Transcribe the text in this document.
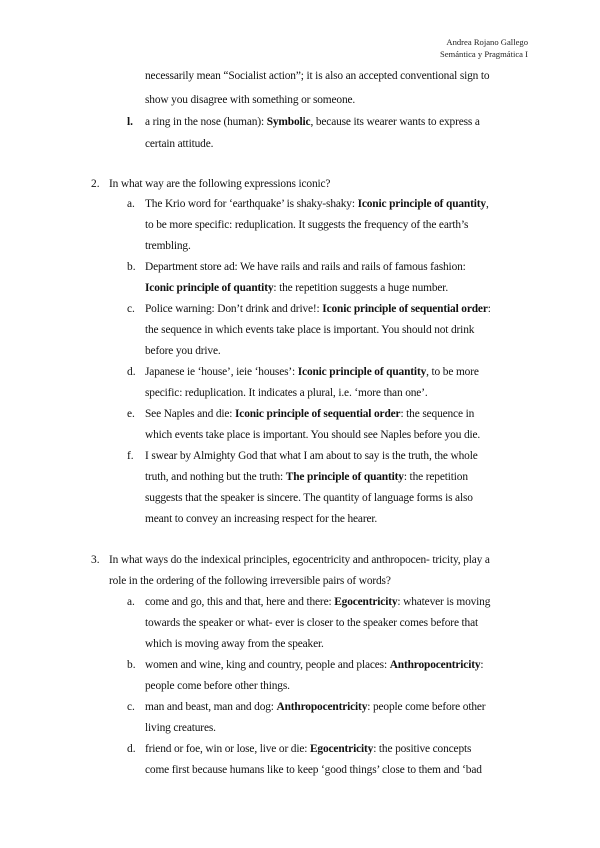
Andrea Rojano Gallego
Semántica y Pragmática I
necessarily mean “Socialist action”; it is also an accepted conventional sign to
show you disagree with something or someone.
l. a ring in the nose (human): Symbolic, because its wearer wants to express a
certain attitude.
2. In what way are the following expressions iconic?
a. The Krio word for ‘earthquake’ is shaky-shaky: Iconic principle of quantity,
to be more specific: reduplication. It suggests the frequency of the earth’s
trembling.
b. Department store ad: We have rails and rails and rails of famous fashion:
Iconic principle of quantity: the repetition suggests a huge number.
c. Police warning: Don’t drink and drive!: Iconic principle of sequential order:
the sequence in which events take place is important. You should not drink
before you drive.
d. Japanese ie ‘house’, ieie ‘houses’: Iconic principle of quantity, to be more
specific: reduplication. It indicates a plural, i.e. ‘more than one’.
e. See Naples and die: Iconic principle of sequential order: the sequence in
which events take place is important. You should see Naples before you die.
f. I swear by Almighty God that what I am about to say is the truth, the whole
truth, and nothing but the truth: The principle of quantity: the repetition
suggests that the speaker is sincere. The quantity of language forms is also
meant to convey an increasing respect for the hearer.
3. In what ways do the indexical principles, egocentricity and anthropocen- tricity, play a
role in the ordering of the following irreversible pairs of words?
a. come and go, this and that, here and there: Egocentricity: whatever is moving
towards the speaker or what- ever is closer to the speaker comes before that
which is moving away from the speaker.
b. women and wine, king and country, people and places: Anthropocentricity:
people come before other things.
c. man and beast, man and dog: Anthropocentricity: people come before other
living creatures.
d. friend or foe, win or lose, live or die: Egocentricity: the positive concepts
come first because humans like to keep ‘good things’ close to them and ‘bad
